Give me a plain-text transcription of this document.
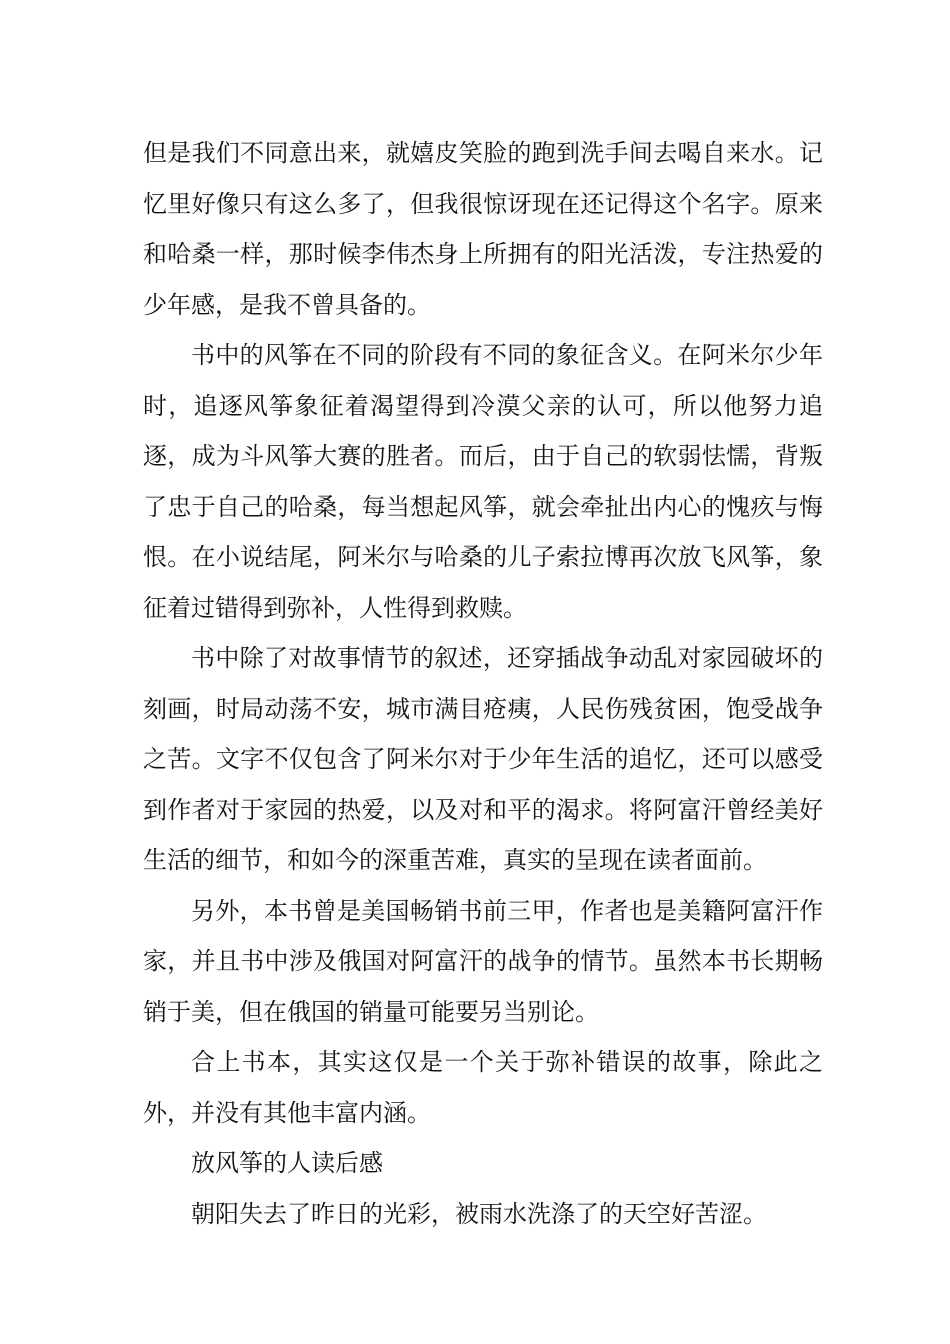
但是我们不同意出来，就嬉皮笑脸的跑到洗手间去喝自来水。记忆里好像只有这么多了，但我很惊讶现在还记得这个名字。原来和哈桑一样，那时候李伟杰身上所拥有的阳光活泼，专注热爱的少年感，是我不曾具备的。

书中的风筝在不同的阶段有不同的象征含义。在阿米尔少年时，追逐风筝象征着渴望得到冷漠父亲的认可，所以他努力追逐，成为斗风筝大赛的胜者。而后，由于自己的软弱怯懦，背叛了忠于自己的哈桑，每当想起风筝，就会牵扯出内心的愧疚与悔恨。在小说结尾，阿米尔与哈桑的儿子索拉博再次放飞风筝，象征着过错得到弥补，人性得到救赎。

书中除了对故事情节的叙述，还穿插战争动乱对家园破坏的刻画，时局动荡不安，城市满目疮痍，人民伤残贫困，饱受战争之苦。文字不仅包含了阿米尔对于少年生活的追忆，还可以感受到作者对于家园的热爱，以及对和平的渴求。将阿富汗曾经美好生活的细节，和如今的深重苦难，真实的呈现在读者面前。

另外，本书曾是美国畅销书前三甲，作者也是美籍阿富汗作家，并且书中涉及俄国对阿富汗的战争的情节。虽然本书长期畅销于美，但在俄国的销量可能要另当别论。

合上书本，其实这仅是一个关于弥补错误的故事，除此之外，并没有其他丰富内涵。

放风筝的人读后感

朝阳失去了昨日的光彩，被雨水洗涤了的天空好苦涩。
